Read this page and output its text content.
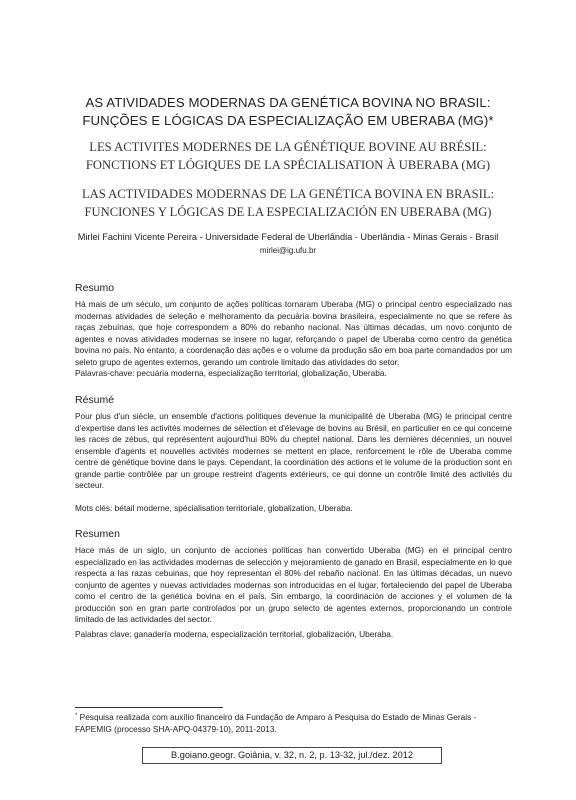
AS ATIVIDADES MODERNAS DA GENÉTICA BOVINA NO BRASIL:
FUNÇÕES E LÓGICAS DA ESPECIALIZAÇÃO EM UBERABA (MG)*
LES ACTIVITES MODERNES DE LA GÉNÉTIQUE BOVINE AU BRÉSIL:
FONCTIONS ET LÓGIQUES DE LA SPÉCIALISATION À UBERABA (MG)
LAS ACTIVIDADES MODERNAS DE LA GENÉTICA BOVINA EN BRASIL:
FUNCIONES Y LÓGICAS DE LA ESPECIALIZACIÓN EN UBERABA (MG)
Mirlei Fachini Vicente Pereira - Universidade Federal de Uberlândia - Uberlândia - Minas Gerais - Brasil
mirlei@ig.ufu.br
Resumo
Há mais de um século, um conjunto de ações políticas tornaram Uberaba (MG) o principal centro especializado nas modernas atividades de seleção e melhoramento da pecuária bovina brasileira, especialmente no que se refere às raças zebuínas, que hoje correspondem a 80% do rebanho nacional. Nas últimas décadas, um novo conjunto de agentes e novas atividades modernas se insere no lugar, reforçando o papel de Uberaba como centro da genética bovina no país. No entanto, a coordenação das ações e o volume da produção são em boa parte comandados por um seleto grupo de agentes externos, gerando um controle limitado das atividades do setor.
Palavras-chave: pecuária moderna, especialização territorial, globalização, Uberaba.
Résumé
Pour plus d'un siècle, un ensemble d'actions politiques devenue la municipalité de Uberaba (MG) le principal centre d'expertise dans les activités modernes de sélection et d'élevage de bovins au Brésil, en particulier en ce qui concerne les races de zébus, qui représentent aujourd'hui 80% du cheptel national. Dans les dernières décennies, un nouvel ensemble d'agents et nouvelles activités modernes se mettent en place, renforcement le rôle de Uberaba comme centre de génétique bovine dans le pays. Cependant, la coordination des actions et le volume de la production sont en grande partie contrôlée par un groupe restreint d'agents extérieurs, ce qui donne un contrôle limité des activités du secteur.
Mots clés: bétail moderne, spécialisation territoriale, globalization, Uberaba.
Resumen
Hace más de un siglo, un conjunto de acciones políticas han convertido Uberaba (MG) en el principal centro especializado en las actividades modernas de selección y mejoramiento de ganado en Brasil, especialmente en lo que respecta a las razas cebuinas, que hoy representan el 80% del rebaño nacional. En las últimas décadas, un nuevo conjunto de agentes y nuevas actividades modernas son introducidas en el lugar, fortaleciendo del papel de Uberaba como el centro de la genética bovina en el país. Sin embargo, la coordinación de acciones y el volumen de la producción son en gran parte controlados por un grupo selecto de agentes externos, proporcionando un controle limitado de las actividades del sector.
Palabras clave: ganadería moderna, especialización territorial, globalización, Uberaba.
* Pesquisa realizada com auxílio financeiro da Fundação de Amparo à Pesquisa do Estado de Minas Gerais - FAPEMIG (processo SHA-APQ-04379-10), 2011-2013.
B.goiano.geogr. Goiânia, v. 32, n. 2, p. 13-32, jul./dez. 2012
